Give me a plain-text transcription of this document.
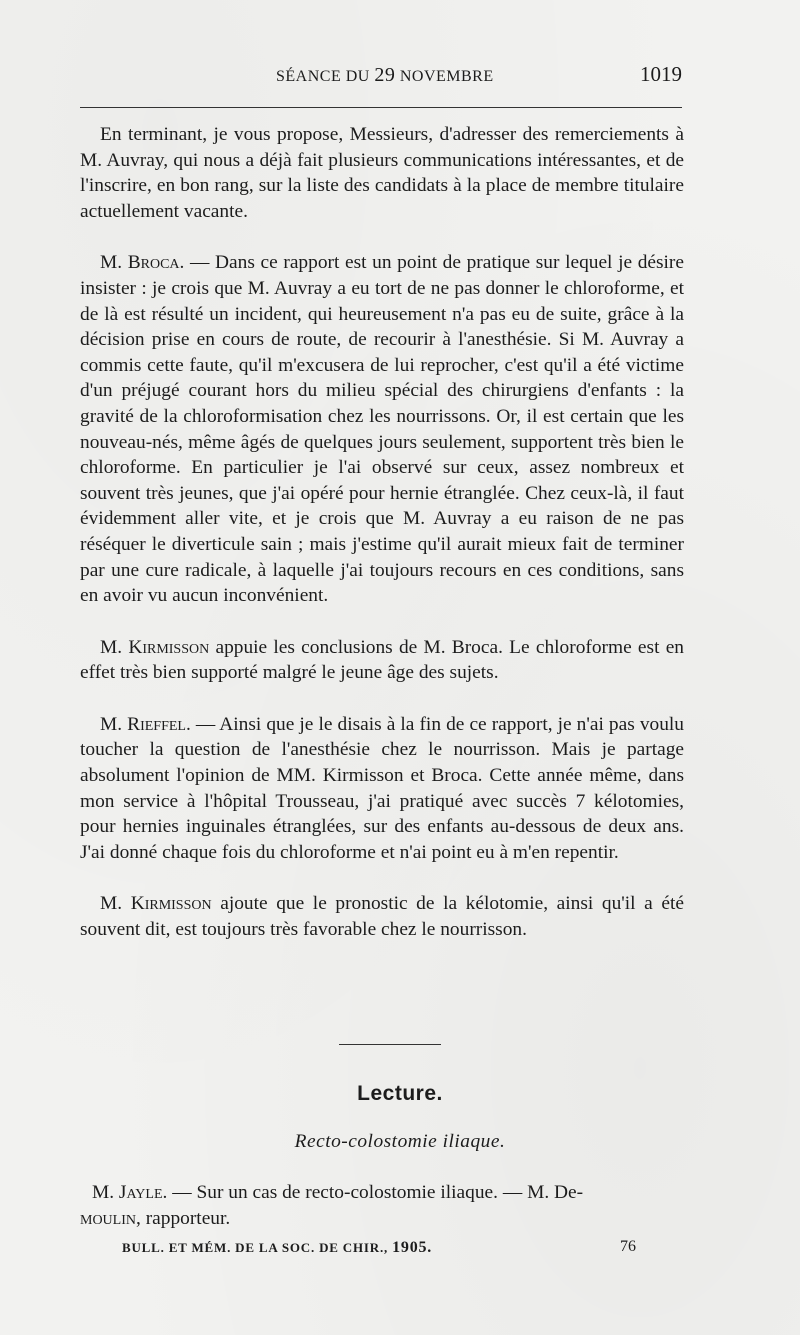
SÉANCE DU 29 NOVEMBRE	1019

En terminant, je vous propose, Messieurs, d'adresser des remerciements à M. Auvray, qui nous a déjà fait plusieurs communications intéressantes, et de l'inscrire, en bon rang, sur la liste des candidats à la place de membre titulaire actuellement vacante.

M. Broca. — Dans ce rapport est un point de pratique sur lequel je désire insister : je crois que M. Auvray a eu tort de ne pas donner le chloroforme, et de là est résulté un incident, qui heureusement n'a pas eu de suite, grâce à la décision prise en cours de route, de recourir à l'anesthésie. Si M. Auvray a commis cette faute, qu'il m'excusera de lui reprocher, c'est qu'il a été victime d'un préjugé courant hors du milieu spécial des chirurgiens d'enfants : la gravité de la chloroformisation chez les nourrissons. Or, il est certain que les nouveau-nés, même âgés de quelques jours seulement, supportent très bien le chloroforme. En particulier je l'ai observé sur ceux, assez nombreux et souvent très jeunes, que j'ai opéré pour hernie étranglée. Chez ceux-là, il faut évidemment aller vite, et je crois que M. Auvray a eu raison de ne pas réséquer le diverticule sain ; mais j'estime qu'il aurait mieux fait de terminer par une cure radicale, à laquelle j'ai toujours recours en ces conditions, sans en avoir vu aucun inconvénient.

M. Kirmisson appuie les conclusions de M. Broca. Le chloroforme est en effet très bien supporté malgré le jeune âge des sujets.

M. Rieffel. — Ainsi que je le disais à la fin de ce rapport, je n'ai pas voulu toucher la question de l'anesthésie chez le nourrisson. Mais je partage absolument l'opinion de MM. Kirmisson et Broca. Cette année même, dans mon service à l'hôpital Trousseau, j'ai pratiqué avec succès 7 kélotomies, pour hernies inguinales étranglées, sur des enfants au-dessous de deux ans. J'ai donné chaque fois du chloroforme et n'ai point eu à m'en repentir.

M. Kirmisson ajoute que le pronostic de la kélotomie, ainsi qu'il a été souvent dit, est toujours très favorable chez le nourrisson.

Lecture.
Recto-colostomie iliaque.
M. Jayle. — Sur un cas de recto-colostomie iliaque. — M. De-
moulin, rapporteur.
BULL. ET MÉM. DE LA SOC. DE CHIR., 1905.	76
